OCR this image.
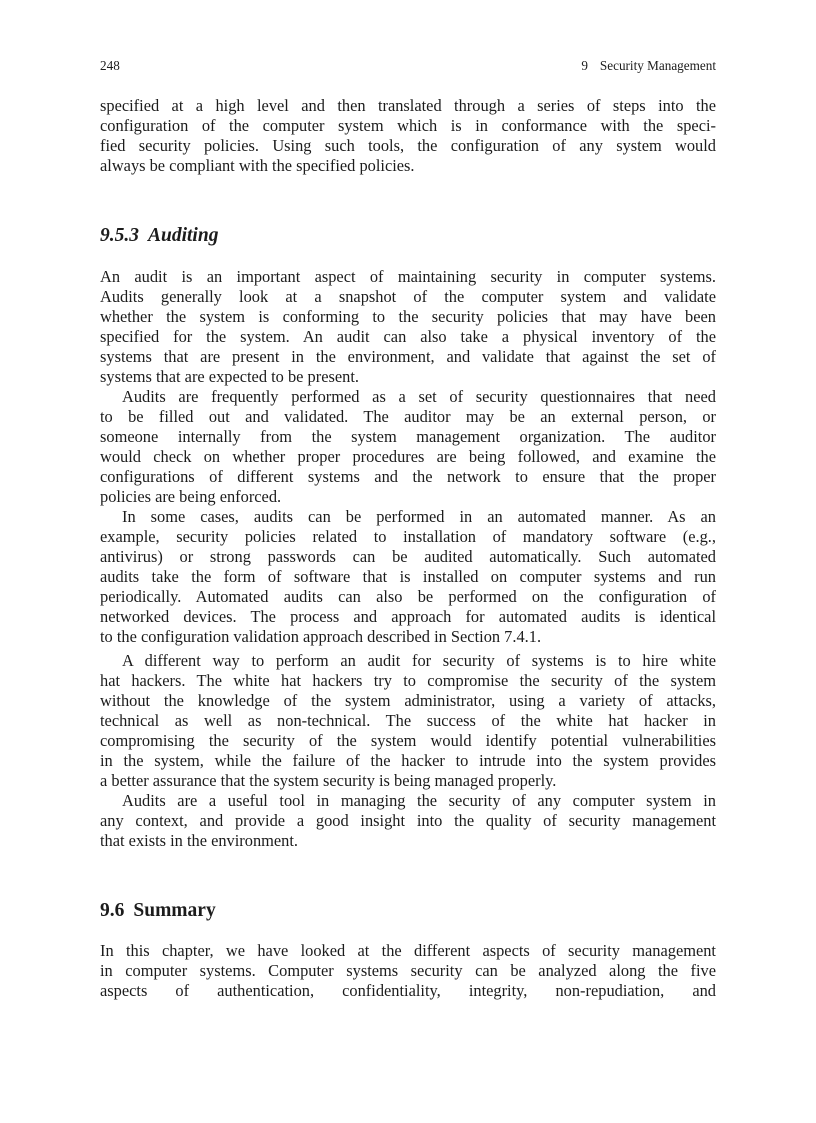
248	9 Security Management
specified at a high level and then translated through a series of steps into the
configuration of the computer system which is in conformance with the speci-
fied security policies. Using such tools, the configuration of any system would
always be compliant with the specified policies.
9.5.3 Auditing
An audit is an important aspect of maintaining security in computer systems.
Audits generally look at a snapshot of the computer system and validate
whether the system is conforming to the security policies that may have been
specified for the system. An audit can also take a physical inventory of the
systems that are present in the environment, and validate that against the set of
systems that are expected to be present.
Audits are frequently performed as a set of security questionnaires that need
to be filled out and validated. The auditor may be an external person, or
someone internally from the system management organization. The auditor
would check on whether proper procedures are being followed, and examine the
configurations of different systems and the network to ensure that the proper
policies are being enforced.
In some cases, audits can be performed in an automated manner. As an
example, security policies related to installation of mandatory software (e.g.,
antivirus) or strong passwords can be audited automatically. Such automated
audits take the form of software that is installed on computer systems and run
periodically. Automated audits can also be performed on the configuration of
networked devices. The process and approach for automated audits is identical
to the configuration validation approach described in Section 7.4.1.
A different way to perform an audit for security of systems is to hire white
hat hackers. The white hat hackers try to compromise the security of the system
without the knowledge of the system administrator, using a variety of attacks,
technical as well as non-technical. The success of the white hat hacker in
compromising the security of the system would identify potential vulnerabilities
in the system, while the failure of the hacker to intrude into the system provides
a better assurance that the system security is being managed properly.
Audits are a useful tool in managing the security of any computer system in
any context, and provide a good insight into the quality of security management
that exists in the environment.
9.6 Summary
In this chapter, we have looked at the different aspects of security management
in computer systems. Computer systems security can be analyzed along the five
aspects of authentication, confidentiality, integrity, non-repudiation, and
